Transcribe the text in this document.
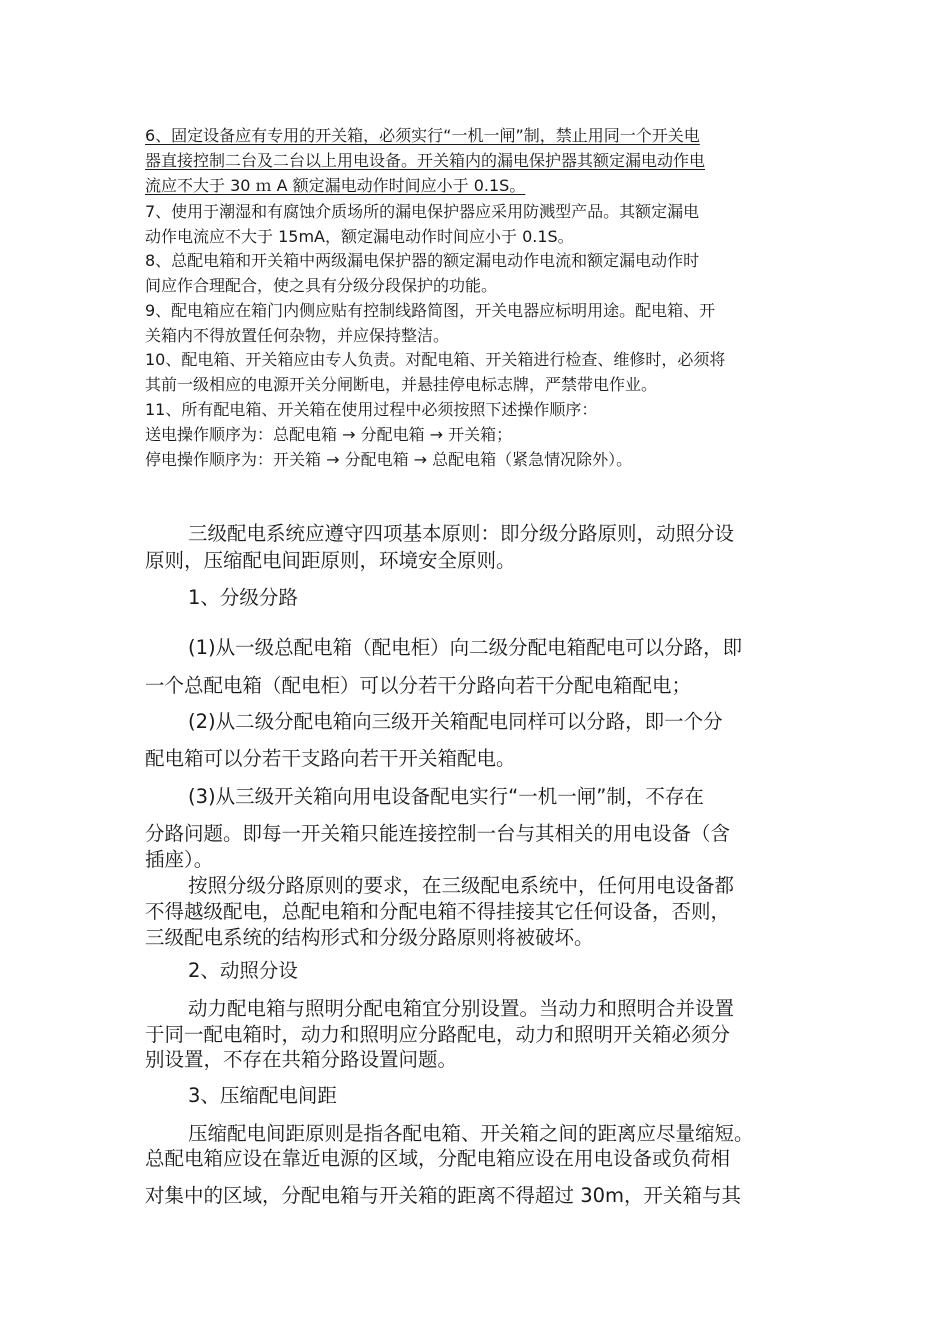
6、固定设备应有专用的开关箱，必须实行“一机一闸”制，禁止用同一个开关电

器直接控制二台及二台以上用电设备。开关箱内的漏电保护器其额定漏电动作电

流应不大于 30 ｍ A 额定漏电动作时间应小于 0.1S。

7、使用于潮湿和有腐蚀介质场所的漏电保护器应采用防溅型产品。其额定漏电

动作电流应不大于 15mA，额定漏电动作时间应小于 0.1S。

8、总配电箱和开关箱中两级漏电保护器的额定漏电动作电流和额定漏电动作时

间应作合理配合，使之具有分级分段保护的功能。

9、配电箱应在箱门内侧应贴有控制线路简图，开关电器应标明用途。配电箱、开

关箱内不得放置任何杂物，并应保持整洁。

10、配电箱、开关箱应由专人负责。对配电箱、开关箱进行检查、维修时，必须将

其前一级相应的电源开关分闸断电，并悬挂停电标志牌，严禁带电作业。

11、所有配电箱、开关箱在使用过程中必须按照下述操作顺序：

送电操作顺序为：总配电箱 → 分配电箱 → 开关箱；

停电操作顺序为：开关箱 → 分配电箱 → 总配电箱（紧急情况除外）。

三级配电系统应遵守四项基本原则：即分级分路原则，动照分设

原则，压缩配电间距原则，环境安全原则。

1、分级分路

(1)从一级总配电箱（配电柜）向二级分配电箱配电可以分路，即

一个总配电箱（配电柜）可以分若干分路向若干分配电箱配电；

(2)从二级分配电箱向三级开关箱配电同样可以分路，即一个分

配电箱可以分若干支路向若干开关箱配电。

(3)从三级开关箱向用电设备配电实行“一机一闸”制，不存在

分路问题。即每一开关箱只能连接控制一台与其相关的用电设备（含

插座）。

按照分级分路原则的要求，在三级配电系统中，任何用电设备都

不得越级配电，总配电箱和分配电箱不得挂接其它任何设备，否则，

三级配电系统的结构形式和分级分路原则将被破坏。

2、动照分设

动力配电箱与照明分配电箱宜分别设置。当动力和照明合并设置

于同一配电箱时，动力和照明应分路配电，动力和照明开关箱必须分

别设置，不存在共箱分路设置问题。

3、压缩配电间距

压缩配电间距原则是指各配电箱、开关箱之间的距离应尽量缩短。

总配电箱应设在靠近电源的区域，分配电箱应设在用电设备或负荷相

对集中的区域，分配电箱与开关箱的距离不得超过 30m，开关箱与其
